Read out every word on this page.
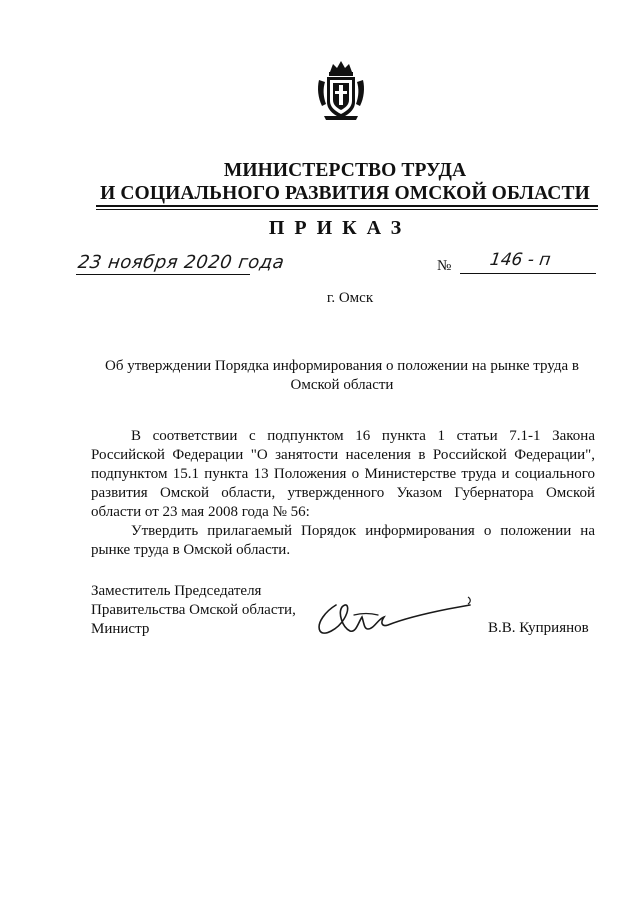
МИНИСТЕРСТВО ТРУДА
И СОЦИАЛЬНОГО РАЗВИТИЯ ОМСКОЙ ОБЛАСТИ
ПРИКАЗ
23 ноября 2020 года	№ 146 - п
г. Омск
Об утверждении Порядка информирования о положении на рынке труда в Омской области

В соответствии с подпунктом 16 пункта 1 статьи 7.1-1 Закона Российской Федерации "О занятости населения в Российской Федерации", подпунктом 15.1 пункта 13 Положения о Министерстве труда и социального развития Омской области, утвержденного Указом Губернатора Омской области от 23 мая 2008 года № 56:

Утвердить прилагаемый Порядок информирования о положении на рынке труда в Омской области.

Заместитель Председателя
Правительства Омской области,
Министр	В.В. Куприянов
